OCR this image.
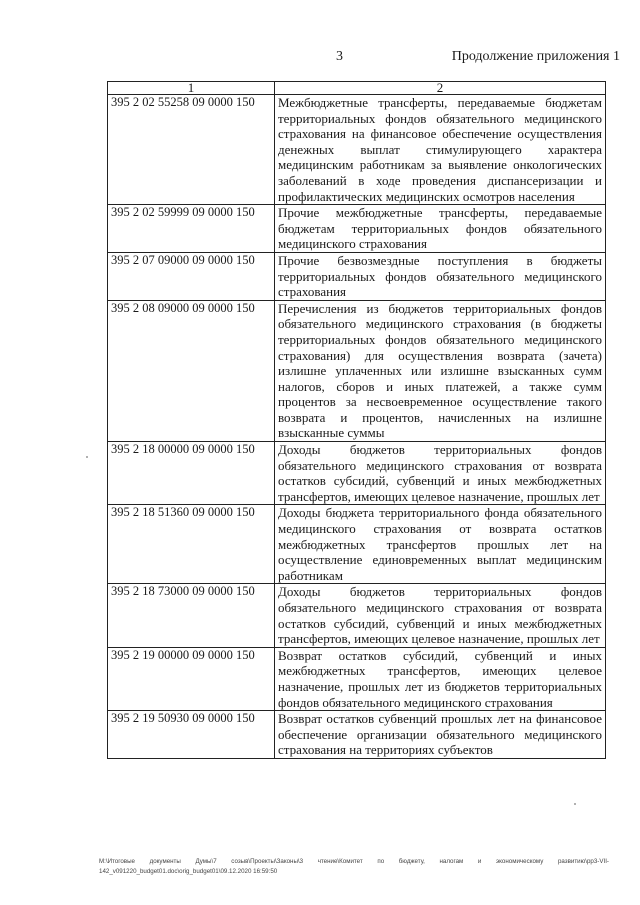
3	Продолжение приложения 1
1	2
395 2 02 55258 09 0000 150	Межбюджетные трансферты, передаваемые бюджетам территориальных фондов обязательного медицинского страхования на финансовое обеспечение осуществления денежных выплат стимулирующего характера медицинским работникам за выявление онкологических заболеваний в ходе проведения диспансеризации и профилактических медицинских осмотров населения
395 2 02 59999 09 0000 150	Прочие межбюджетные трансферты, передаваемые бюджетам территориальных фондов обязательного медицинского страхования
395 2 07 09000 09 0000 150	Прочие безвозмездные поступления в бюджеты территориальных фондов обязательного медицинского страхования
395 2 08 09000 09 0000 150	Перечисления из бюджетов территориальных фондов обязательного медицинского страхования (в бюджеты территориальных фондов обязательного медицинского страхования) для осуществления возврата (зачета) излишне уплаченных или излишне взысканных сумм налогов, сборов и иных платежей, а также сумм процентов за несвоевременное осуществление такого возврата и процентов, начисленных на излишне взысканные суммы
395 2 18 00000 09 0000 150	Доходы бюджетов территориальных фондов обязательного медицинского страхования от возврата остатков субсидий, субвенций и иных межбюджетных трансфертов, имеющих целевое назначение, прошлых лет
395 2 18 51360 09 0000 150	Доходы бюджета территориального фонда обязательного медицинского страхования от возврата остатков межбюджетных трансфертов прошлых лет на осуществление единовременных выплат медицинским работникам
395 2 18 73000 09 0000 150	Доходы бюджетов территориальных фондов обязательного медицинского страхования от возврата остатков субсидий, субвенций и иных межбюджетных трансфертов, имеющих целевое назначение, прошлых лет
395 2 19 00000 09 0000 150	Возврат остатков субсидий, субвенций и иных межбюджетных трансфертов, имеющих целевое назначение, прошлых лет из бюджетов территориальных фондов обязательного медицинского страхования
395 2 19 50930 09 0000 150	Возврат остатков субвенций прошлых лет на финансовое обеспечение организации обязательного медицинского страхования на территориях субъектов
M:\Итоговые документы Думы\7 созыв\Проекты\Законы\3 чтение\Комитет по бюджету, налогам и экономическому развитию\pp3-VII-142_v091220_budget01.doc\orig_budget01\09.12.2020 16:59:50
